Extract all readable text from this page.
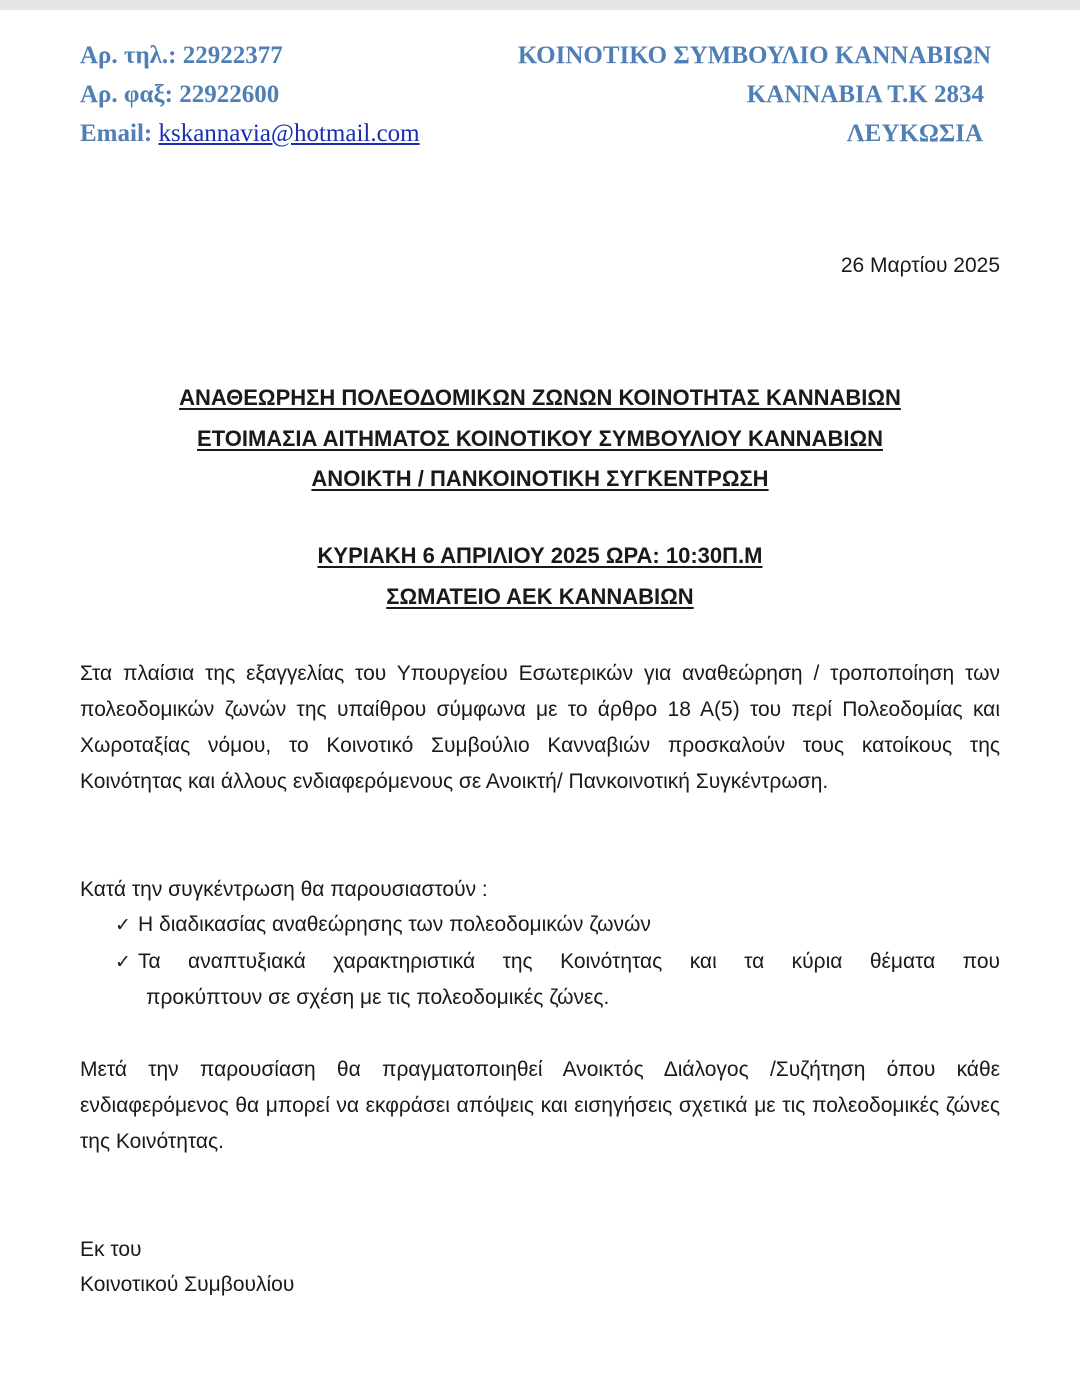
Αρ. τηλ.: 22922377
Αρ. φαξ: 22922600
Email: kskannavia@hotmail.com
ΚΟΙΝΟΤΙΚΟ ΣΥΜΒΟΥΛΙΟ ΚΑΝΝΑΒΙΩΝ
ΚΑΝΝΑΒΙΑ Τ.Κ 2834
ΛΕΥΚΩΣΙΑ
26 Μαρτίου 2025
ΑΝΑΘΕΩΡΗΣΗ ΠΟΛΕΟΔΟΜΙΚΩΝ ΖΩΝΩΝ ΚΟΙΝΟΤΗΤΑΣ ΚΑΝΝΑΒΙΩΝ
ΕΤΟΙΜΑΣΙΑ ΑΙΤΗΜΑΤΟΣ ΚΟΙΝΟΤΙΚΟΥ ΣΥΜΒΟΥΛΙΟΥ ΚΑΝΝΑΒΙΩΝ
ΑΝΟΙΚΤΗ / ΠΑΝΚΟΙΝΟΤΙΚΗ ΣΥΓΚΕΝΤΡΩΣΗ
ΚΥΡΙΑΚΗ 6 ΑΠΡΙΛΙΟΥ 2025 ΩΡΑ: 10:30Π.Μ
ΣΩΜΑΤΕΙΟ ΑΕΚ ΚΑΝΝΑΒΙΩΝ
Στα πλαίσια της εξαγγελίας του Υπουργείου Εσωτερικών για αναθεώρηση / τροποποίηση των πολεοδομικών ζωνών της υπαίθρου σύμφωνα με το άρθρο 18 Α(5) του περί Πολεοδομίας και Χωροταξίας νόμου, το Κοινοτικό Συμβούλιο Κανναβιών προσκαλούν τους κατοίκους της Κοινότητας και άλλους ενδιαφερόμενους σε Ανοικτή/ Πανκοινοτική Συγκέντρωση.
Κατά την συγκέντρωση θα παρουσιαστούν :
✓ Η διαδικασίας αναθεώρησης των πολεοδομικών ζωνών
✓ Τα αναπτυξιακά χαρακτηριστικά της Κοινότητας και τα κύρια θέματα που
προκύπτουν σε σχέση με τις πολεοδομικές ζώνες.
Μετά την παρουσίαση θα πραγματοποιηθεί Ανοικτός Διάλογος /Συζήτηση όπου κάθε ενδιαφερόμενος θα μπορεί να εκφράσει απόψεις και εισηγήσεις σχετικά με τις πολεοδομικές ζώνες της Κοινότητας.
Εκ του
Κοινοτικού Συμβουλίου
